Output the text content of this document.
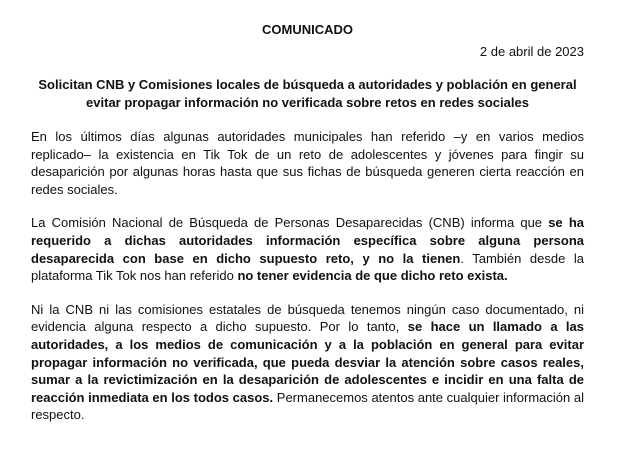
COMUNICADO
2 de abril de 2023
Solicitan CNB y Comisiones locales de búsqueda a autoridades y población en general
evitar propagar información no verificada sobre retos en redes sociales

En los últimos días algunas autoridades municipales han referido –y en varios medios replicado– la existencia en Tik Tok de un reto de adolescentes y jóvenes para fingir su desaparición por algunas horas hasta que sus fichas de búsqueda generen cierta reacción en redes sociales.

La Comisión Nacional de Búsqueda de Personas Desaparecidas (CNB) informa que se ha requerido a dichas autoridades información específica sobre alguna persona desaparecida con base en dicho supuesto reto, y no la tienen. También desde la plataforma Tik Tok nos han referido no tener evidencia de que dicho reto exista.

Ni la CNB ni las comisiones estatales de búsqueda tenemos ningún caso documentado, ni evidencia alguna respecto a dicho supuesto. Por lo tanto, se hace un llamado a las autoridades, a los medios de comunicación y a la población en general para evitar propagar información no verificada, que pueda desviar la atención sobre casos reales, sumar a la revictimización en la desaparición de adolescentes e incidir en una falta de reacción inmediata en los todos casos. Permanecemos atentos ante cualquier información al respecto.
